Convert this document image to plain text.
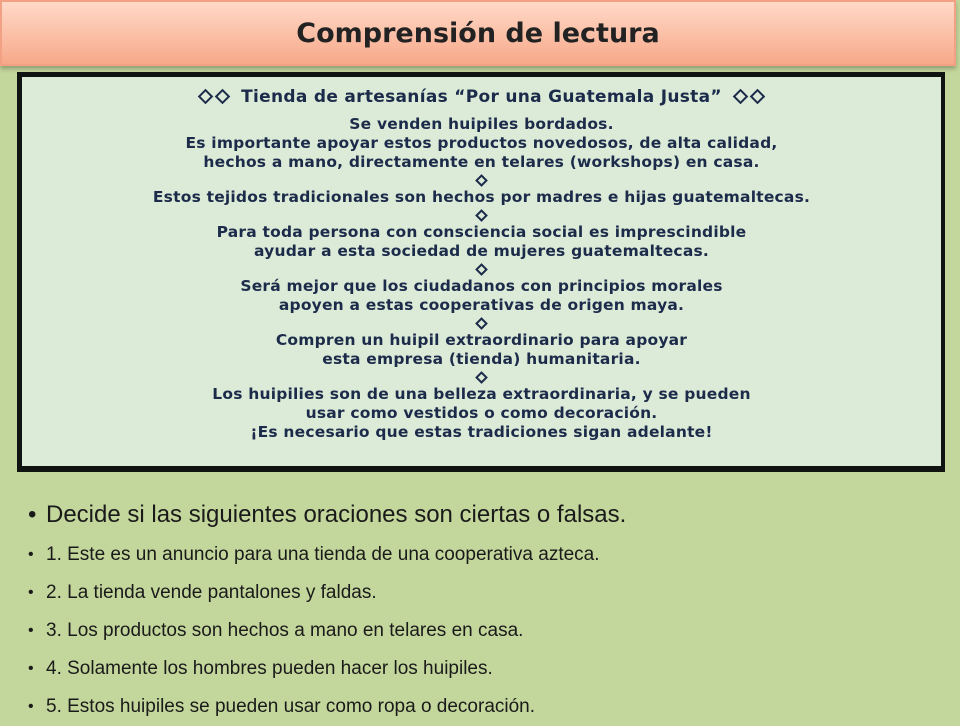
Comprensión de lectura
Tienda de artesanías “Por una Guatemala Justa”
Se venden huipiles bordados.
Es importante apoyar estos productos novedosos, de alta calidad,
hechos a mano, directamente en telares (workshops) en casa.
Estos tejidos tradicionales son hechos por madres e hijas guatemaltecas.
Para toda persona con consciencia social es imprescindible
ayudar a esta sociedad de mujeres guatemaltecas.
Será mejor que los ciudadanos con principios morales
apoyen a estas cooperativas de origen maya.
Compren un huipil extraordinario para apoyar
esta empresa (tienda) humanitaria.
Los huipilies son de una belleza extraordinaria, y se pueden
usar como vestidos o como decoración.
¡Es necesario que estas tradiciones sigan adelante!
• Decide si las siguientes oraciones son ciertas o falsas.
• 1. Este es un anuncio para una tienda de una cooperativa azteca.
• 2. La tienda vende pantalones y faldas.
• 3. Los productos son hechos a mano en telares en casa.
• 4. Solamente los hombres pueden hacer los huipiles.
• 5. Estos huipiles se pueden usar como ropa o decoración.
